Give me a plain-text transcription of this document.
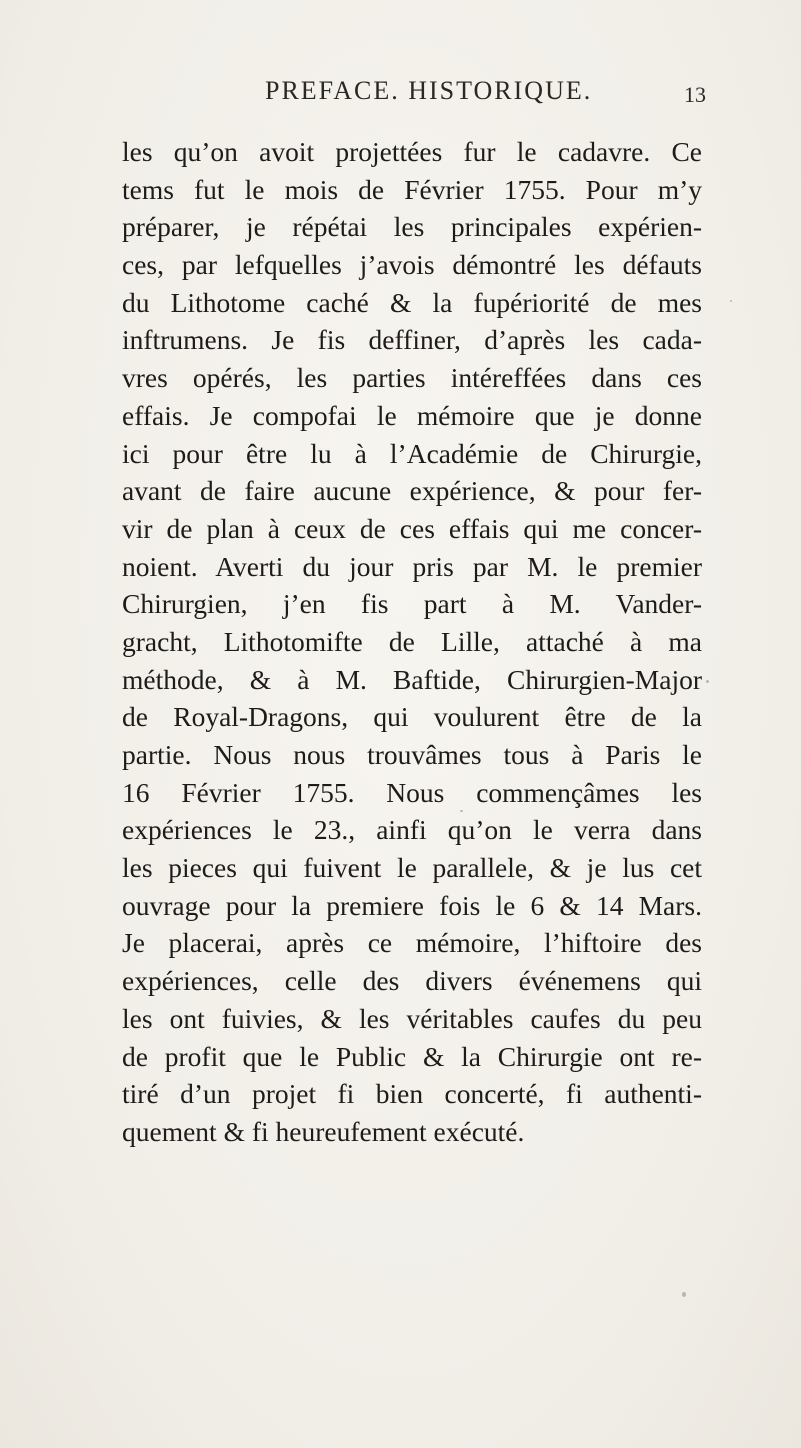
PREFACE. HISTORIQUE.	13
les qu’on avoit projettées fur le cadavre. Ce
tems fut le mois de Février 1755. Pour m’y
préparer, je répétai les principales expérien-
ces, par lefquelles j’avois démontré les défauts
du Lithotome caché & la fupériorité de mes
inftrumens. Je fis deffiner, d’après les cada-
vres opérés, les parties intéreffées dans ces
effais. Je compofai le mémoire que je donne
ici pour être lu à l’Académie de Chirurgie,
avant de faire aucune expérience, & pour fer-
vir de plan à ceux de ces effais qui me concer-
noient. Averti du jour pris par M. le premier
Chirurgien, j’en fis part à M. Vander-
gracht, Lithotomifte de Lille, attaché à ma
méthode, & à M. Baftide, Chirurgien-Major
de Royal-Dragons, qui voulurent être de la
partie. Nous nous trouvâmes tous à Paris le
16 Février 1755. Nous commençâmes les
expériences le 23., ainfi qu’on le verra dans
les pieces qui fuivent le parallele, & je lus cet
ouvrage pour la premiere fois le 6 & 14 Mars.
Je placerai, après ce mémoire, l’hiftoire des
expériences, celle des divers événemens qui
les ont fuivies, & les véritables caufes du peu
de profit que le Public & la Chirurgie ont re-
tiré d’un projet fi bien concerté, fi authenti-
quement & fi heureufement exécuté.
